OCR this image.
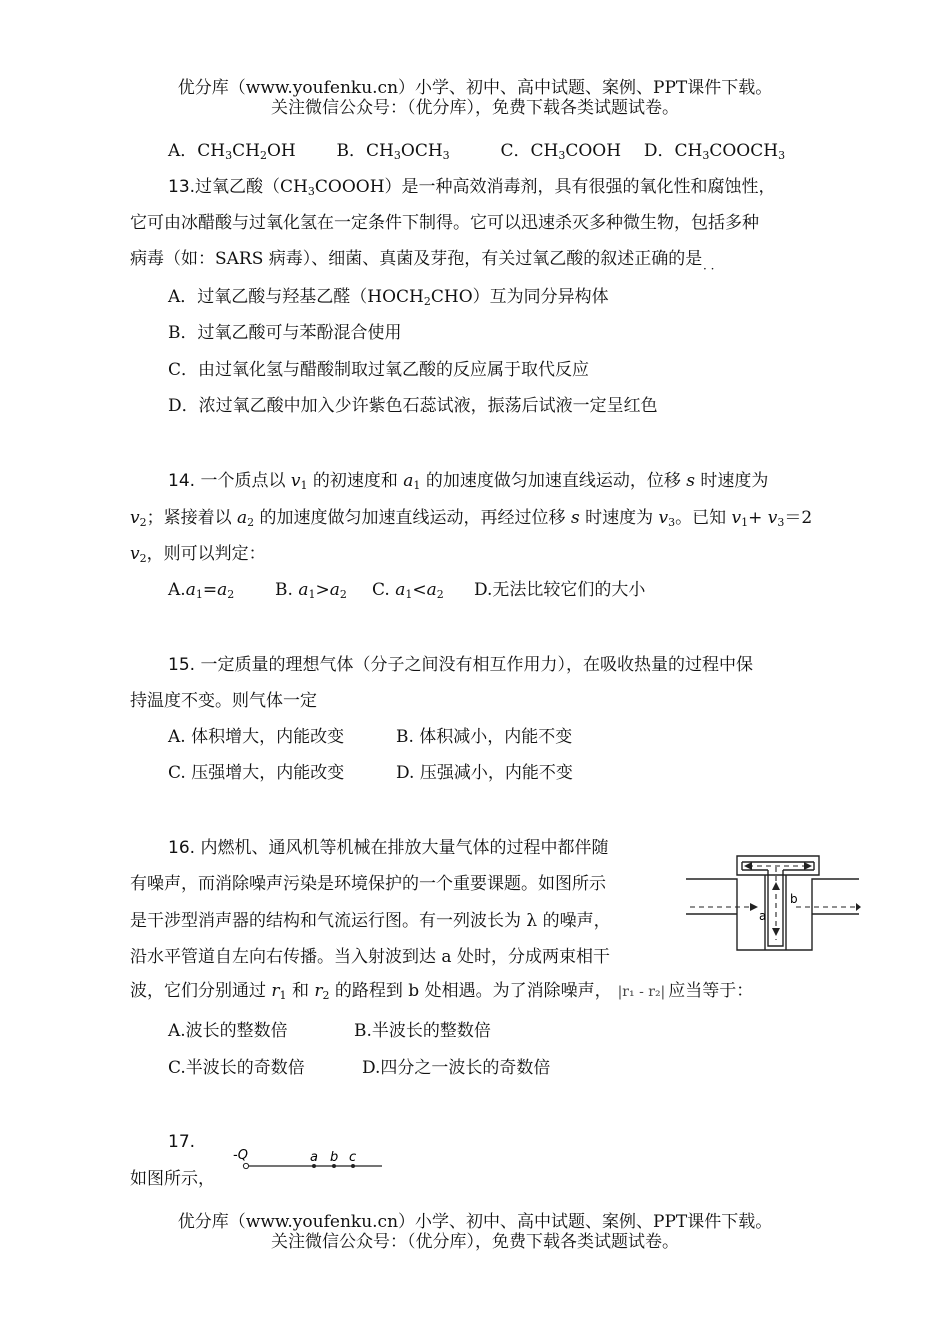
优分库（www.youfenku.cn）小学、初中、高中试题、案例、PPT课件下载。
关注微信公众号：（优分库），免费下载各类试题试卷。
A．$CH_3CH_2OH$ B．$CH_3OCH_3$	C．$CH_3COOH$ D．$CH_3COOCH_3$
13.过氧乙酸$(CH_3COOOH)$是一种高效消毒剂，具有很强的氧化性和腐蚀性，
它可由冰醋酸与过氧化氢在一定条件下制得。它可以迅速杀灭多种微生物，包括多种
病毒（如：SARS 病毒）、细菌、真菌及芽孢，有关过氧乙酸的叙述正确的是 · ·
A．过氧乙酸与羟基乙醛$(HOCH_2CHO)$互为同分异构体
B．过氧乙酸可与苯酚混合使用
C．由过氧化氢与醋酸制取过氧乙酸的反应属于取代反应
D．浓过氧乙酸中加入少许紫色石蕊试液，振荡后试液一定呈红色
14. 一个质点以 $v_1$ 的初速度和 $a_1$ 的加速度做匀加速直线运动，位移 s 时速度为
$v_2$；紧接着以 $a_2$ 的加速度做匀加速直线运动，再经过位移 s 时速度为 $v_3$。已知 $v_1+ v_3=2$
$v_2$，则可以判定：
$A.a_1=a_2$ B. $a_1>a_2$ C. $a_1<a_2$ D.无法比较它们的大小
15. 一定质量的理想气体（分子之间没有相互作用力），在吸收热量的过程中保
持温度不变。则气体一定
A. 体积增大，内能改变	B. 体积减小，内能不变
C. 压强增大，内能改变	D. 压强减小，内能不变
16. 内燃机、通风机等机械在排放大量气体的过程中都伴随
有噪声，而消除噪声污染是环境保护的一个重要课题。如图所示
是干涉型消声器的结构和气流运行图。有一列波长为 λ 的噪声，
沿水平管道自左向右传播。当入射波到达 a 处时，分成两束相干
波，它们分别通过 $r_1$ 和 $r_2$ 的路程到 b 处相遇。为了消除噪声， |r₁ - r₂| 应当等于：
A.波长的整数倍	B.半波长的整数倍
C.半波长的奇数倍	D.四分之一波长的奇数倍
a
b
17.
如图所示，
-Q	a b c
优分库（www.youfenku.cn）小学、初中、高中试题、案例、PPT课件下载。
关注微信公众号：（优分库），免费下载各类试题试卷。
